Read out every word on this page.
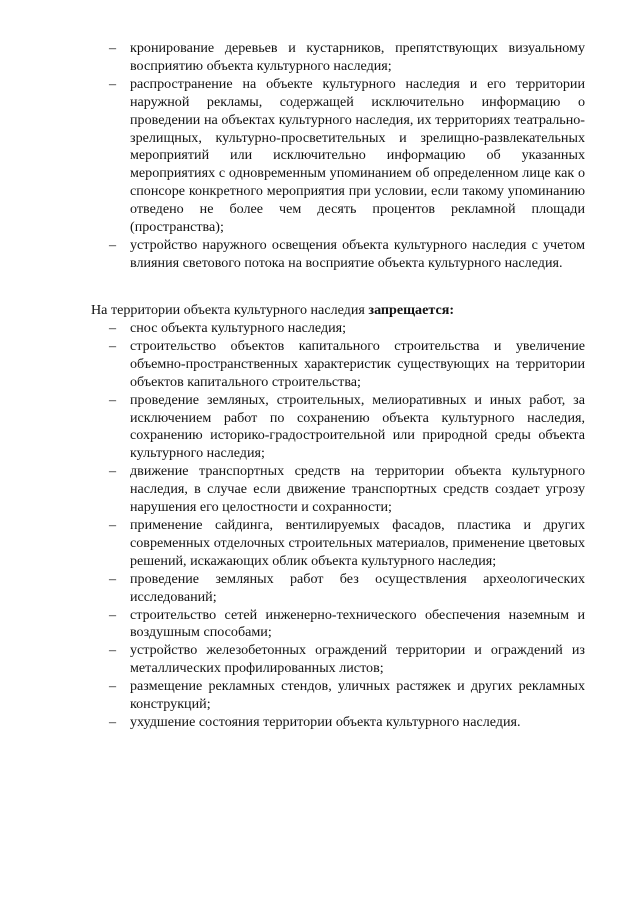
– кронирование деревьев и кустарников, препятствующих визуальному восприятию объекта культурного наследия;
– распространение на объекте культурного наследия и его территории наружной рекламы, содержащей исключительно информацию о проведении на объектах культурного наследия, их территориях театрально-зрелищных, культурно-просветительных и зрелищно-развлекательных мероприятий или исключительно информацию об указанных мероприятиях с одновременным упоминанием об определенном лице как о спонсоре конкретного мероприятия при условии, если такому упоминанию отведено не более чем десять процентов рекламной площади (пространства);
– устройство наружного освещения объекта культурного наследия с учетом влияния светового потока на восприятие объекта культурного наследия.

На территории объекта культурного наследия запрещается:

– снос объекта культурного наследия;
– строительство объектов капитального строительства и увеличение объемно-пространственных характеристик существующих на территории объектов капитального строительства;
– проведение земляных, строительных, мелиоративных и иных работ, за исключением работ по сохранению объекта культурного наследия, сохранению историко-градостроительной или природной среды объекта культурного наследия;
– движение транспортных средств на территории объекта культурного наследия, в случае если движение транспортных средств создает угрозу нарушения его целостности и сохранности;
– применение сайдинга, вентилируемых фасадов, пластика и других современных отделочных строительных материалов, применение цветовых решений, искажающих облик объекта культурного наследия;
– проведение земляных работ без осуществления археологических исследований;
– строительство сетей инженерно-технического обеспечения наземным и воздушным способами;
– устройство железобетонных ограждений территории и ограждений из металлических профилированных листов;
– размещение рекламных стендов, уличных растяжек и других рекламных конструкций;
– ухудшение состояния территории объекта культурного наследия.
